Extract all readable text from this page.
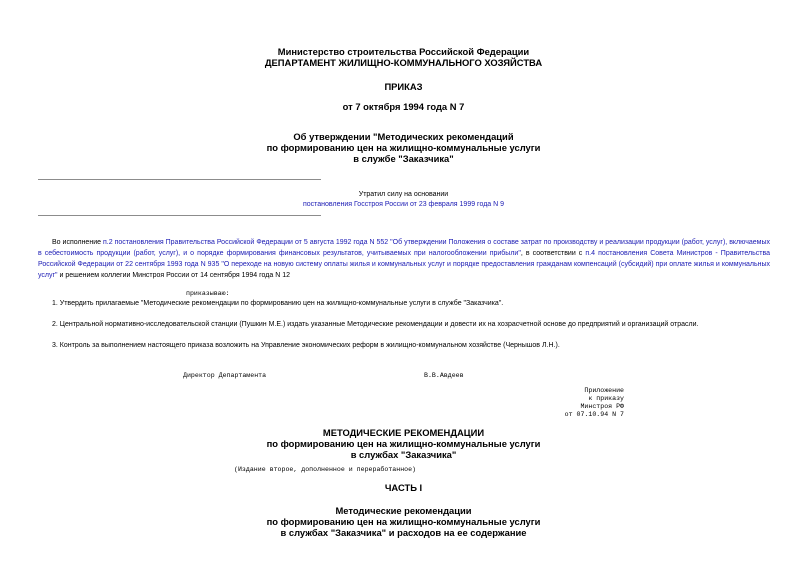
Министерство строительства Российской Федерации
ДЕПАРТАМЕНТ ЖИЛИЩНО-КОММУНАЛЬНОГО ХОЗЯЙСТВА
ПРИКАЗ
от 7 октября 1994 года N 7
Об утверждении "Методических рекомендаций
по формированию цен на жилищно-коммунальные услуги
в службе "Заказчика"
Утратил силу на основании
постановления Госстроя России от 23 февраля 1999 года N 9
Во исполнение п.2 постановления Правительства Российской Федерации от 5 августа 1992 года N 552 "Об утверждении Положения о составе затрат по производству и реализации продукции (работ, услуг), включаемых в себестоимость продукции (работ, услуг), и о порядке формирования финансовых результатов, учитываемых при налогообложении прибыли", в соответствии с п.4 постановления Совета Министров - Правительства Российской Федерации от 22 сентября 1993 года N 935 "О переходе на новую систему оплаты жилья и коммунальных услуг и порядке предоставления гражданам компенсаций (субсидий) при оплате жилья и коммунальных услуг" и решением коллегии Минстроя России от 14 сентября 1994 года N 12
приказываю:
1. Утвердить прилагаемые "Методические рекомендации по формированию цен на жилищно-коммунальные услуги в службе "Заказчика".
2. Центральной нормативно-исследовательской станции (Пушкин М.Е.) издать указанные Методические рекомендации и довести их на хозрасчетной основе до предприятий и организаций отрасли.
3. Контроль за выполнением настоящего приказа возложить на Управление экономических реформ в жилищно-коммунальном хозяйстве (Чернышов Л.Н.).
Директор Департамента	В.В.Авдеев
Приложение
к приказу
Минстроя РФ
от 07.10.94 N 7
МЕТОДИЧЕСКИЕ РЕКОМЕНДАЦИИ
по формированию цен на жилищно-коммунальные услуги
в службах "Заказчика"
(Издание второе, дополненное и переработанное)
ЧАСТЬ I
Методические рекомендации
по формированию цен на жилищно-коммунальные услуги
в службах "Заказчика" и расходов на ее содержание
